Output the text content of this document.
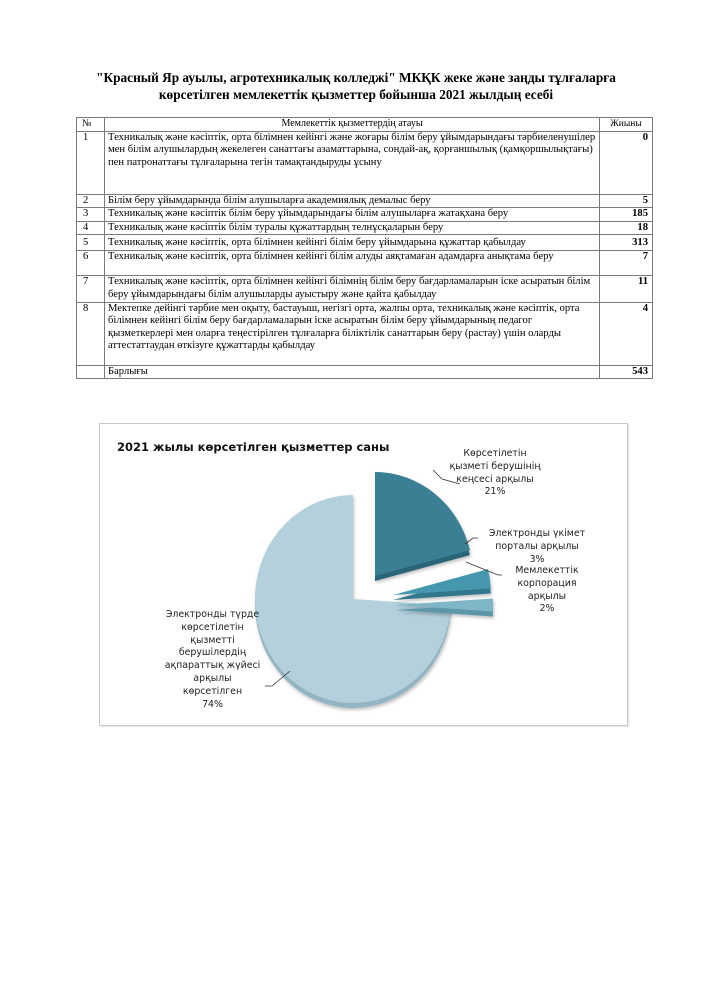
"Красный Яр ауылы, агротехникалық колледжі" МКҚК жеке және заңды тұлғаларға
көрсетілген мемлекеттік қызметтер бойынша 2021 жылдың есебі
№	Мемлекеттік қызметтердің атауы	Жиыны
1	Техникалық және кәсіптік, орта білімнен кейінгі және жоғары білім беру ұйымдарындағы тәрбиеленушілер мен білім алушылардың жекелеген санаттағы азаматтарына, сондай-ақ, қорғаншылық (қамқоршылықтағы) пен патронаттағы тұлғаларына тегін тамақтандыруды ұсыну	0
2	Білім беру ұйымдарында білім алушыларға академиялық демалыс беру	5
3	Техникалық және кәсіптік білім беру ұйымдарындағы білім алушыларға жатақхана беру	185
4	Техникалық және кәсіптік білім туралы құжаттардың телнұсқаларын беру	18
5	Техникалық және кәсіптік, орта білімнен кейінгі білім беру ұйымдарына құжаттар қабылдау	313
6	Техникалық және кәсіптік, орта білімнен кейінгі білім алуды аяқтамаған адамдарға анықтама беру	7
7	Техникалық және кәсіптік, орта білімнен кейінгі білімнің білім беру бағдарламаларын іске асыратын білім беру ұйымдарындағы білім алушыларды ауыстыру және қайта қабылдау	11
8	Мектепке дейінгі тәрбие мен оқыту, бастауыш, негізгі орта, жалпы орта, техникалық және кәсіптік, орта білімнен кейінгі білім беру бағдарламаларын іске асыратын білім беру ұйымдарының педагог қызметкерлері мен оларға теңестірілген тұлғаларға біліктілік санаттарын беру (растау) үшін оларды аттестаттаудан өткізуге құжаттарды қабылдау	4
	Барлығы	543
2021 жылы көрсетілген қызметтер саны	Көрсетілетін
қызметі берушінің
кеңсесі арқылы
21%
Электронды үкімет
порталы арқылы
3%
Мемлекеттік
корпорация
арқылы
2%
Электронды түрде
көрсетілетін
қызметті
берушілердің
ақпараттық жүйесі
арқылы
көрсетілген
74%
